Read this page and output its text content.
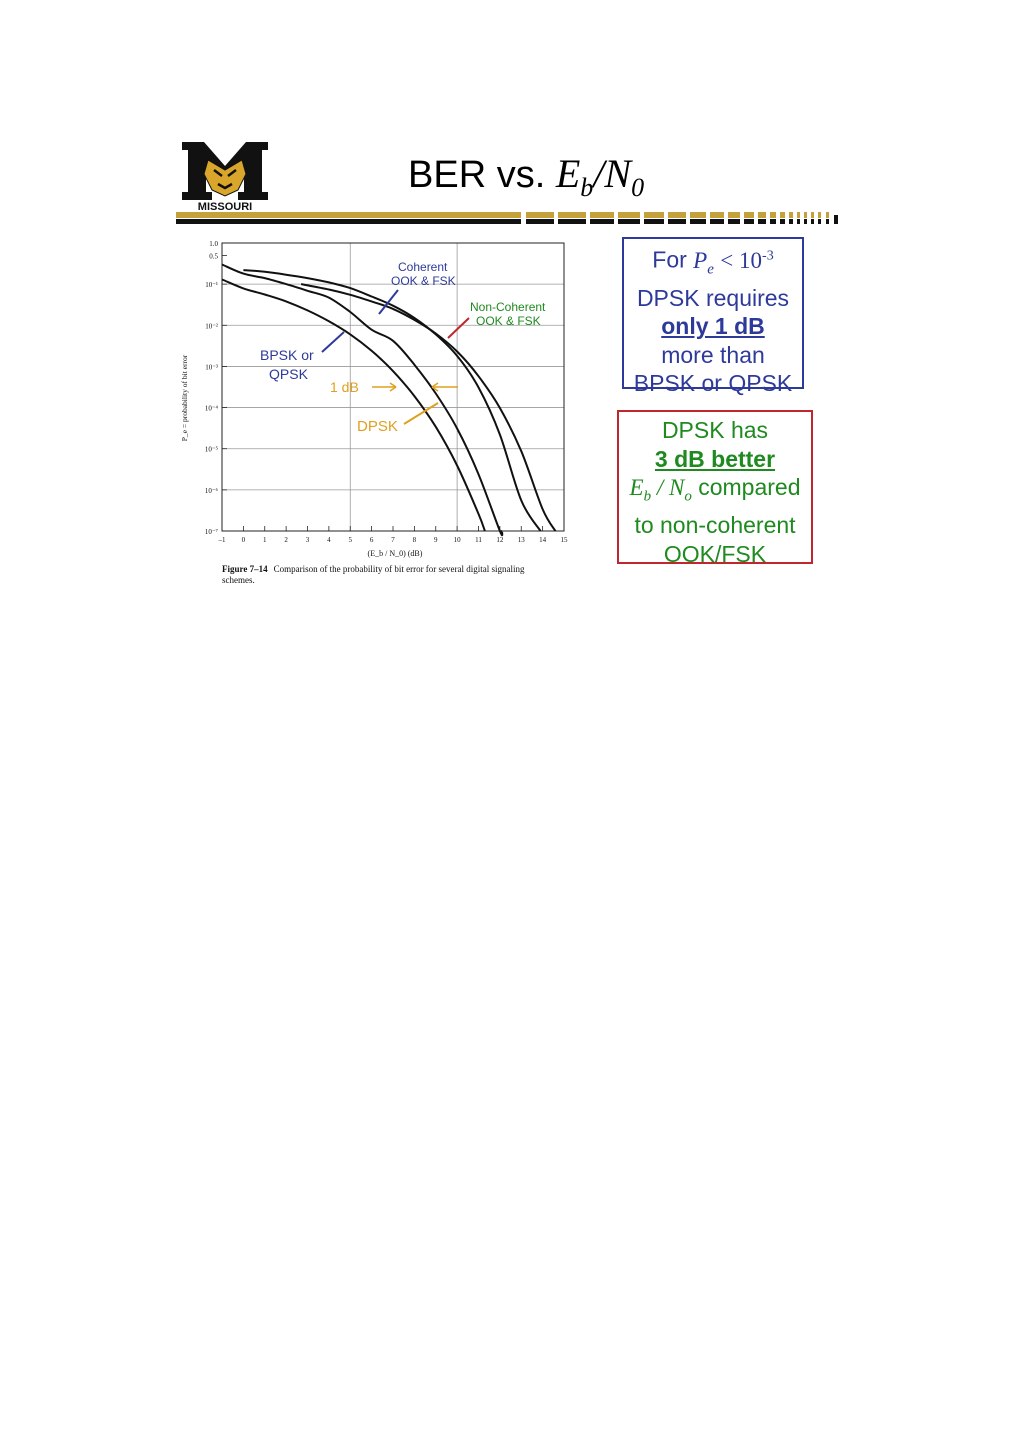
MISSOURI
BER vs. $E_b/N_0$
1.0
0.5
10⁻¹
10⁻²
10⁻³
10⁻⁴
10⁻⁵
10⁻⁶
10⁻⁷
–1 0	1	2	3	4	5	6	7	8	9 10 11 12 13 14 15
P_e = probability of bit error
(E_b / N_0) (dB)
Coherent
OOK & FSK
Non-Coherent
OOK & FSK
BPSK or
QPSK
1 dB
DPSK
Figure 7–14 Comparison of the probability of bit error for several digital signaling schemes.
For $P_e < 10^{-3}$
DPSK requires
only 1 dB
more than
BPSK or QPSK
DPSK has
3 dB better
$E_b / N_o$ compared
to non-coherent
OOK/FSK
